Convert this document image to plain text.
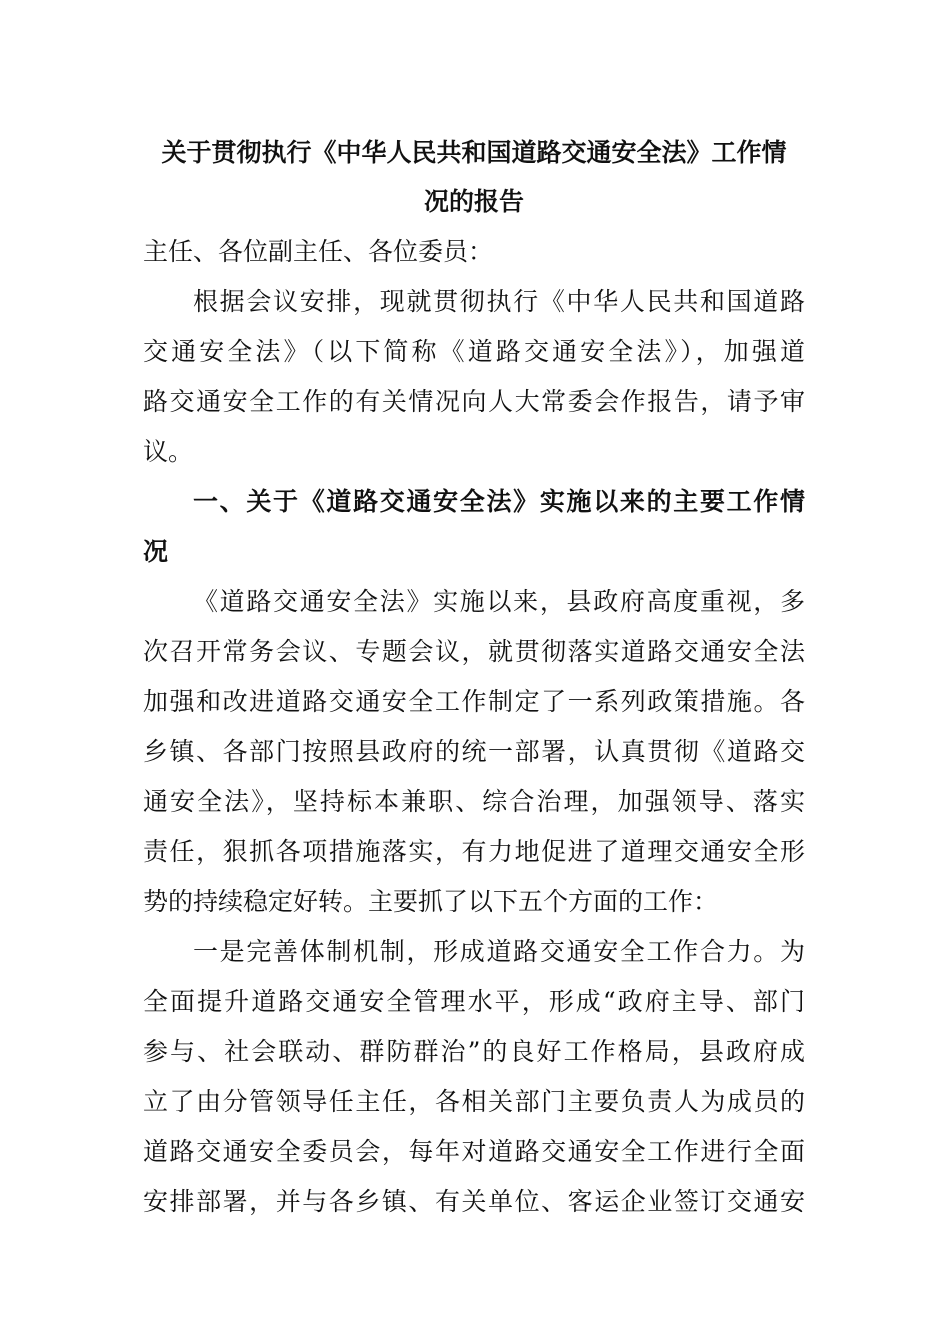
关于贯彻执行《中华人民共和国道路交通安全法》工作情
况的报告

主任、各位副主任、各位委员：

根据会议安排，现就贯彻执行《中华人民共和国道路

交通安全法》（以下简称《道路交通安全法》），加强道

路交通安全工作的有关情况向人大常委会作报告，请予审

议。

一、关于《道路交通安全法》实施以来的主要工作情

况

《道路交通安全法》实施以来，县政府高度重视，多

次召开常务会议、专题会议，就贯彻落实道路交通安全法

加强和改进道路交通安全工作制定了一系列政策措施。各

乡镇、各部门按照县政府的统一部署，认真贯彻《道路交

通安全法》，坚持标本兼职、综合治理，加强领导、落实

责任，狠抓各项措施落实，有力地促进了道理交通安全形

势的持续稳定好转。主要抓了以下五个方面的工作：

一是完善体制机制，形成道路交通安全工作合力。为

全面提升道路交通安全管理水平，形成“政府主导、部门

参与、社会联动、群防群治”的良好工作格局，县政府成

立了由分管领导任主任，各相关部门主要负责人为成员的

道路交通安全委员会，每年对道路交通安全工作进行全面

安排部署，并与各乡镇、有关单位、客运企业签订交通安
